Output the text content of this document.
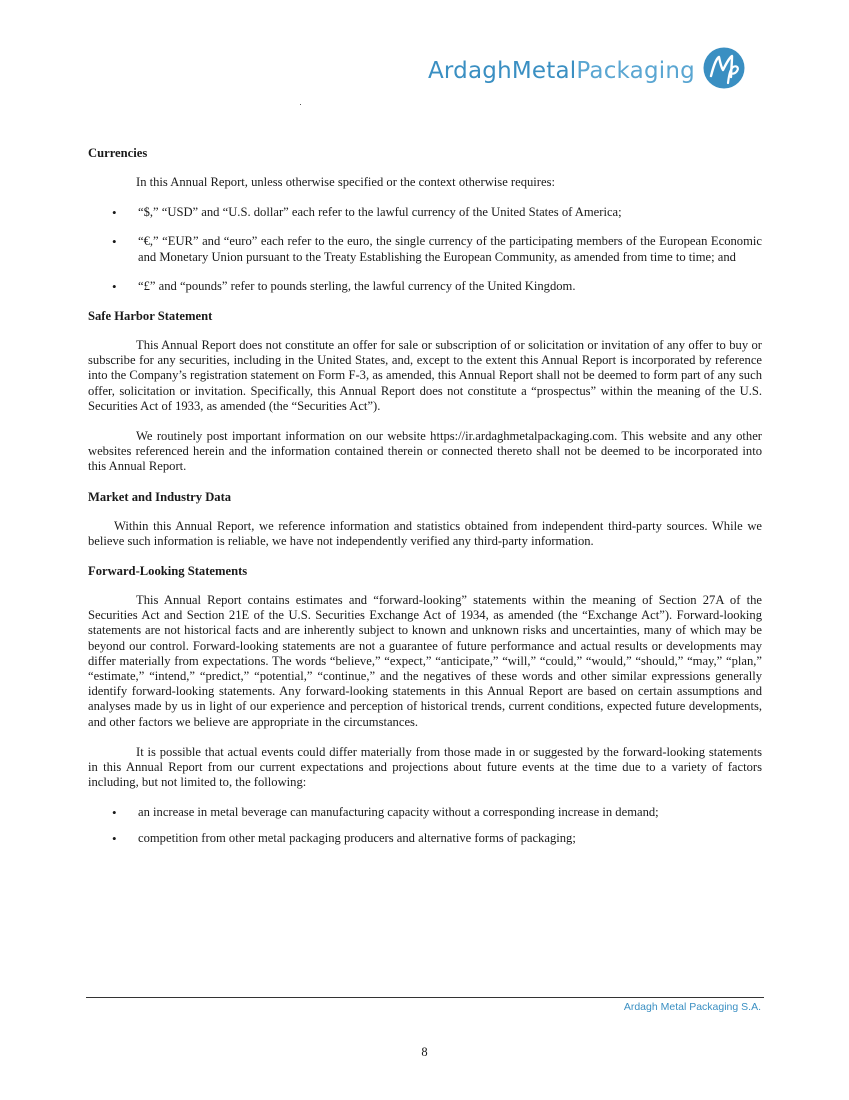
ArdaghMetalPackaging
Currencies

In this Annual Report, unless otherwise specified or the context otherwise requires:

• “$,” “USD” and “U.S. dollar” each refer to the lawful currency of the United States of America;
• “€,” “EUR” and “euro” each refer to the euro, the single currency of the participating members of the European Economic and Monetary Union pursuant to the Treaty Establishing the European Community, as amended from time to time; and
• “£” and “pounds” refer to pounds sterling, the lawful currency of the United Kingdom.
Safe Harbor Statement

This Annual Report does not constitute an offer for sale or subscription of or solicitation or invitation of any offer to buy or subscribe for any securities, including in the United States, and, except to the extent this Annual Report is incorporated by reference into the Company’s registration statement on Form F-3, as amended, this Annual Report shall not be deemed to form part of any such offer, solicitation or invitation. Specifically, this Annual Report does not constitute a “prospectus” within the meaning of the U.S. Securities Act of 1933, as amended (the “Securities Act”).

We routinely post important information on our website https://ir.ardaghmetalpackaging.com. This website and any other websites referenced herein and the information contained therein or connected thereto shall not be deemed to be incorporated into this Annual Report.

Market and Industry Data

Within this Annual Report, we reference information and statistics obtained from independent third-party sources. While we believe such information is reliable, we have not independently verified any third-party information.

Forward-Looking Statements

This Annual Report contains estimates and “forward-looking” statements within the meaning of Section 27A of the Securities Act and Section 21E of the U.S. Securities Exchange Act of 1934, as amended (the “Exchange Act”). Forward-looking statements are not historical facts and are inherently subject to known and unknown risks and uncertainties, many of which may be beyond our control. Forward-looking statements are not a guarantee of future performance and actual results or developments may differ materially from expectations. The words “believe,” “expect,” “anticipate,” “will,” “could,” “would,” “should,” “may,” “plan,” “estimate,” “intend,” “predict,” “potential,” “continue,” and the negatives of these words and other similar expressions generally identify forward-looking statements. Any forward-looking statements in this Annual Report are based on certain assumptions and analyses made by us in light of our experience and perception of historical trends, current conditions, expected future developments, and other factors we believe are appropriate in the circumstances.

It is possible that actual events could differ materially from those made in or suggested by the forward-looking statements in this Annual Report from our current expectations and projections about future events at the time due to a variety of factors including, but not limited to, the following:

• an increase in metal beverage can manufacturing capacity without a corresponding increase in demand;
• competition from other metal packaging producers and alternative forms of packaging;
Ardagh Metal Packaging S.A.
8
